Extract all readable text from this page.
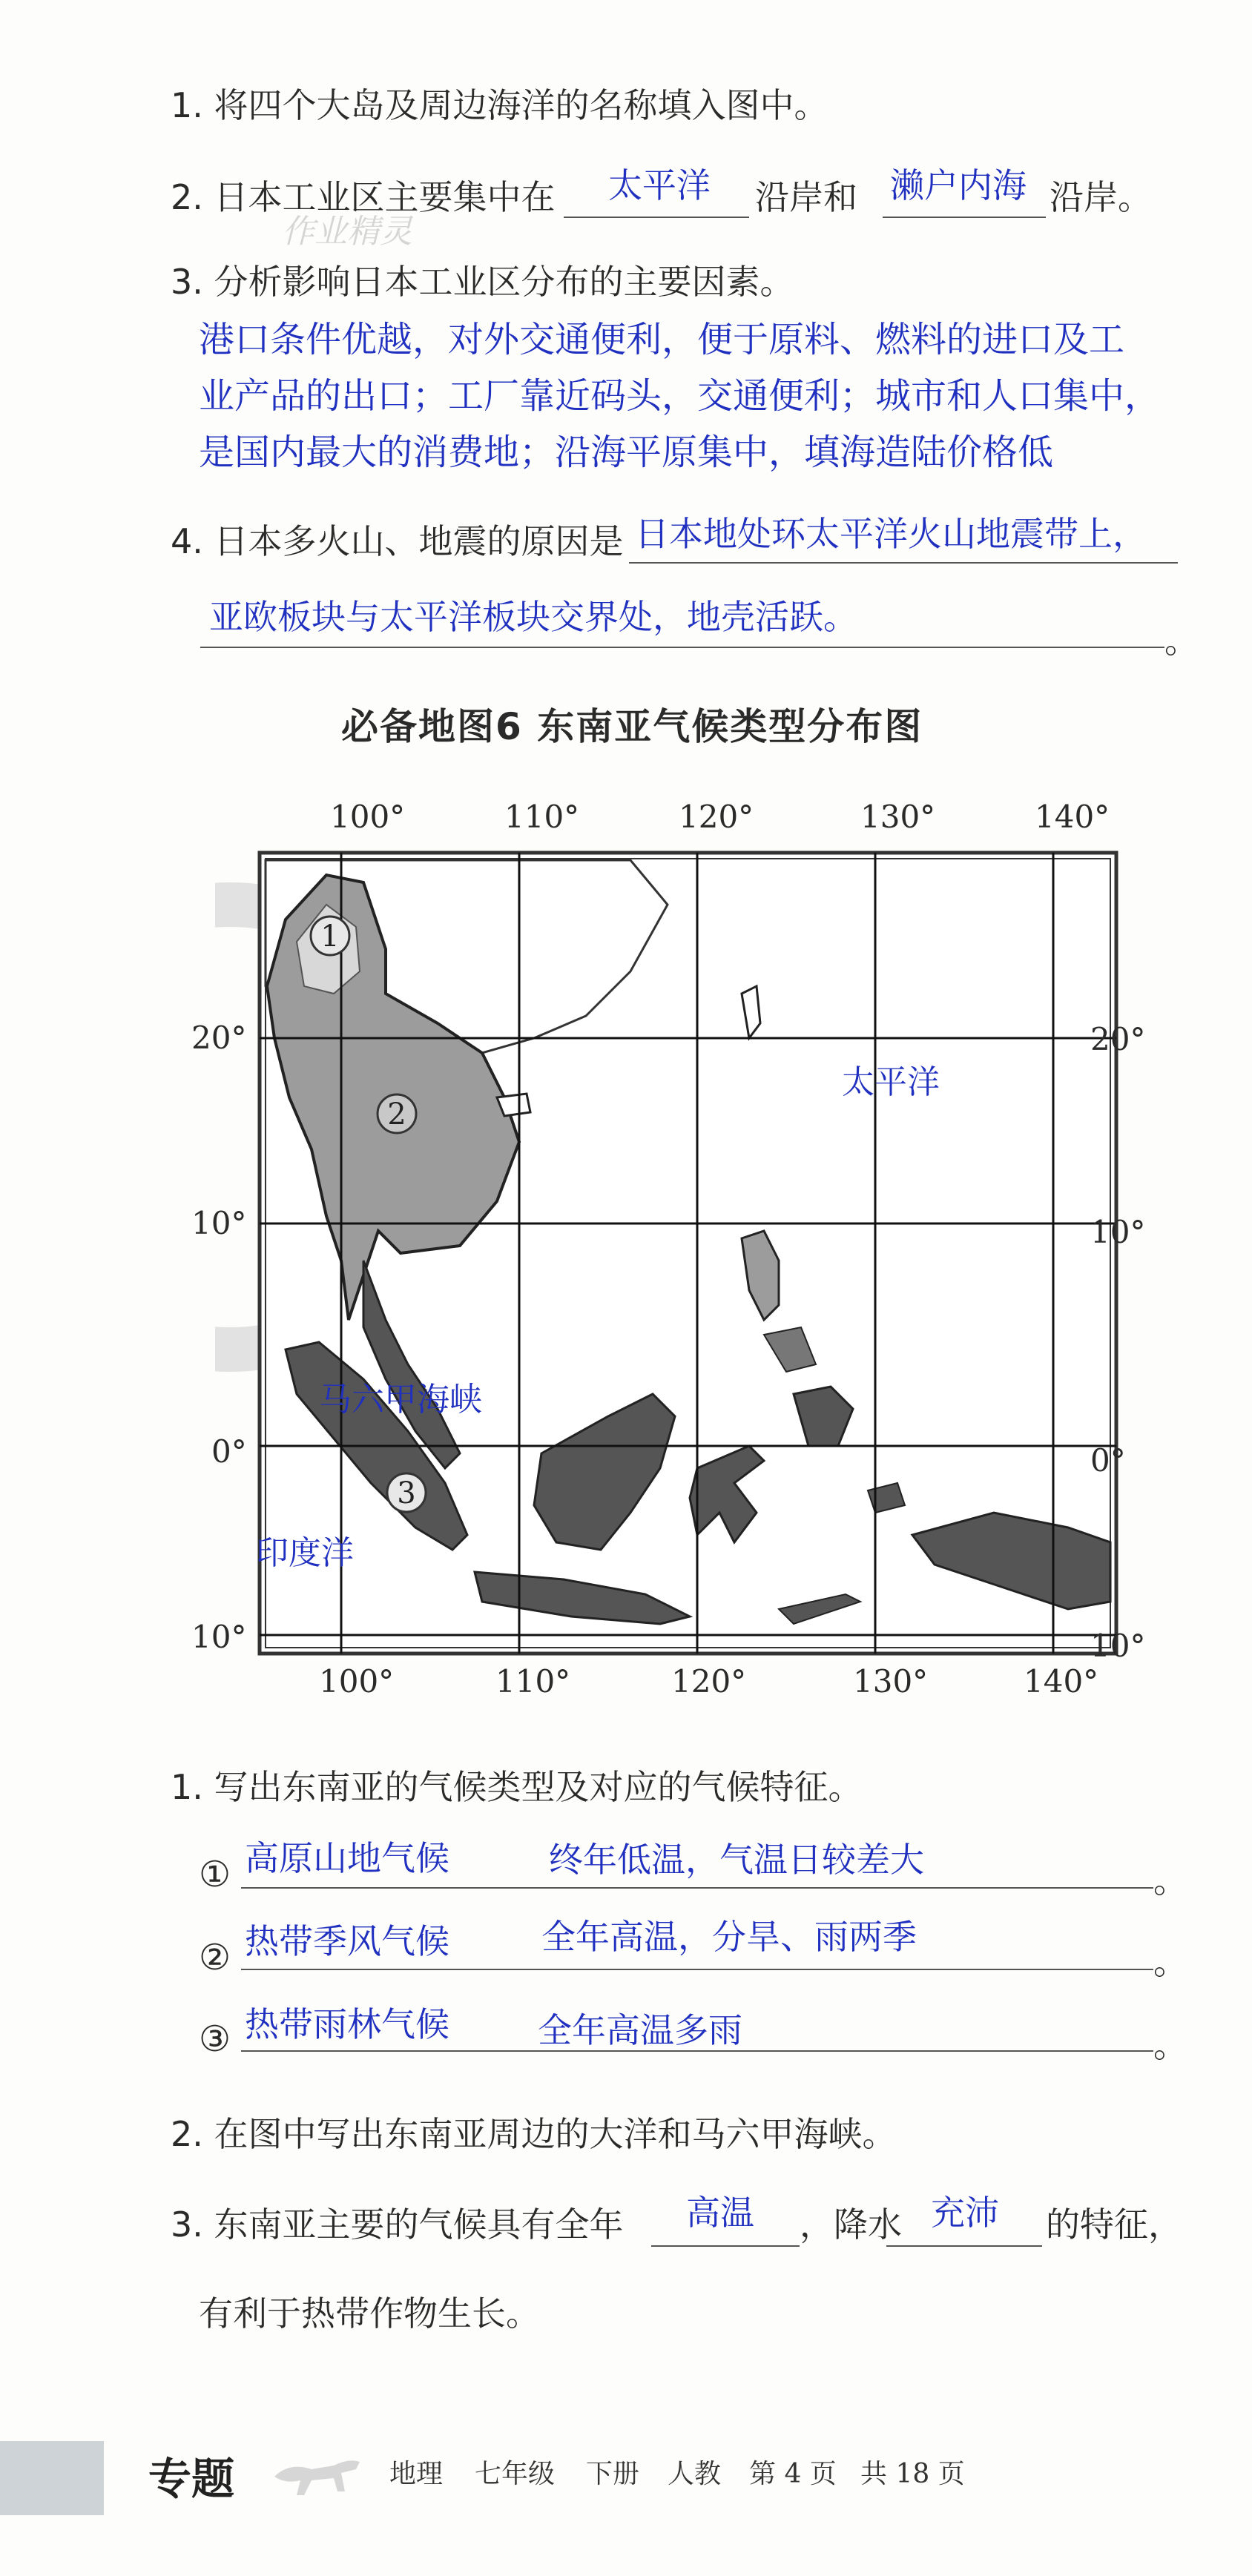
1. 将四个大岛及周边海洋的名称填入图中。
2. 日本工业区主要集中在 太平洋 沿岸和 濑户内海 沿岸。
作业精灵
3. 分析影响日本工业区分布的主要因素。
港口条件优越，对外交通便利，便于原料、燃料的进口及工
业产品的出口；工厂靠近码头，交通便利；城市和人口集中，
是国内最大的消费地；沿海平原集中，填海造陆价格低
4. 日本多火山、地震的原因是 日本地处环太平洋火山地震带上，
亚欧板块与太平洋板块交界处，地壳活跃。
。
必备地图6 东南亚气候类型分布图
1
2
3
100°	110°	120°	130°	140°
100°	110°	120°	130°	140°
20°
10°
0°
10°
20°
10°
0°
10°
太平洋
马六甲海峡
印度洋
1. 写出东南亚的气候类型及对应的气候特征。
① 高原山地气候	终年低温，气温日较差大
。
② 热带季风气候	全年高温，分旱、雨两季
。
③ 热带雨林气候	全年高温多雨	。
2. 在图中写出东南亚周边的大洋和马六甲海峡。
3. 东南亚主要的气候具有全年 高温 ，降水 充沛 的特征，
有利于热带作物生长。
专题	地理 七年级 下册 人教 第 4 页 共 18 页
